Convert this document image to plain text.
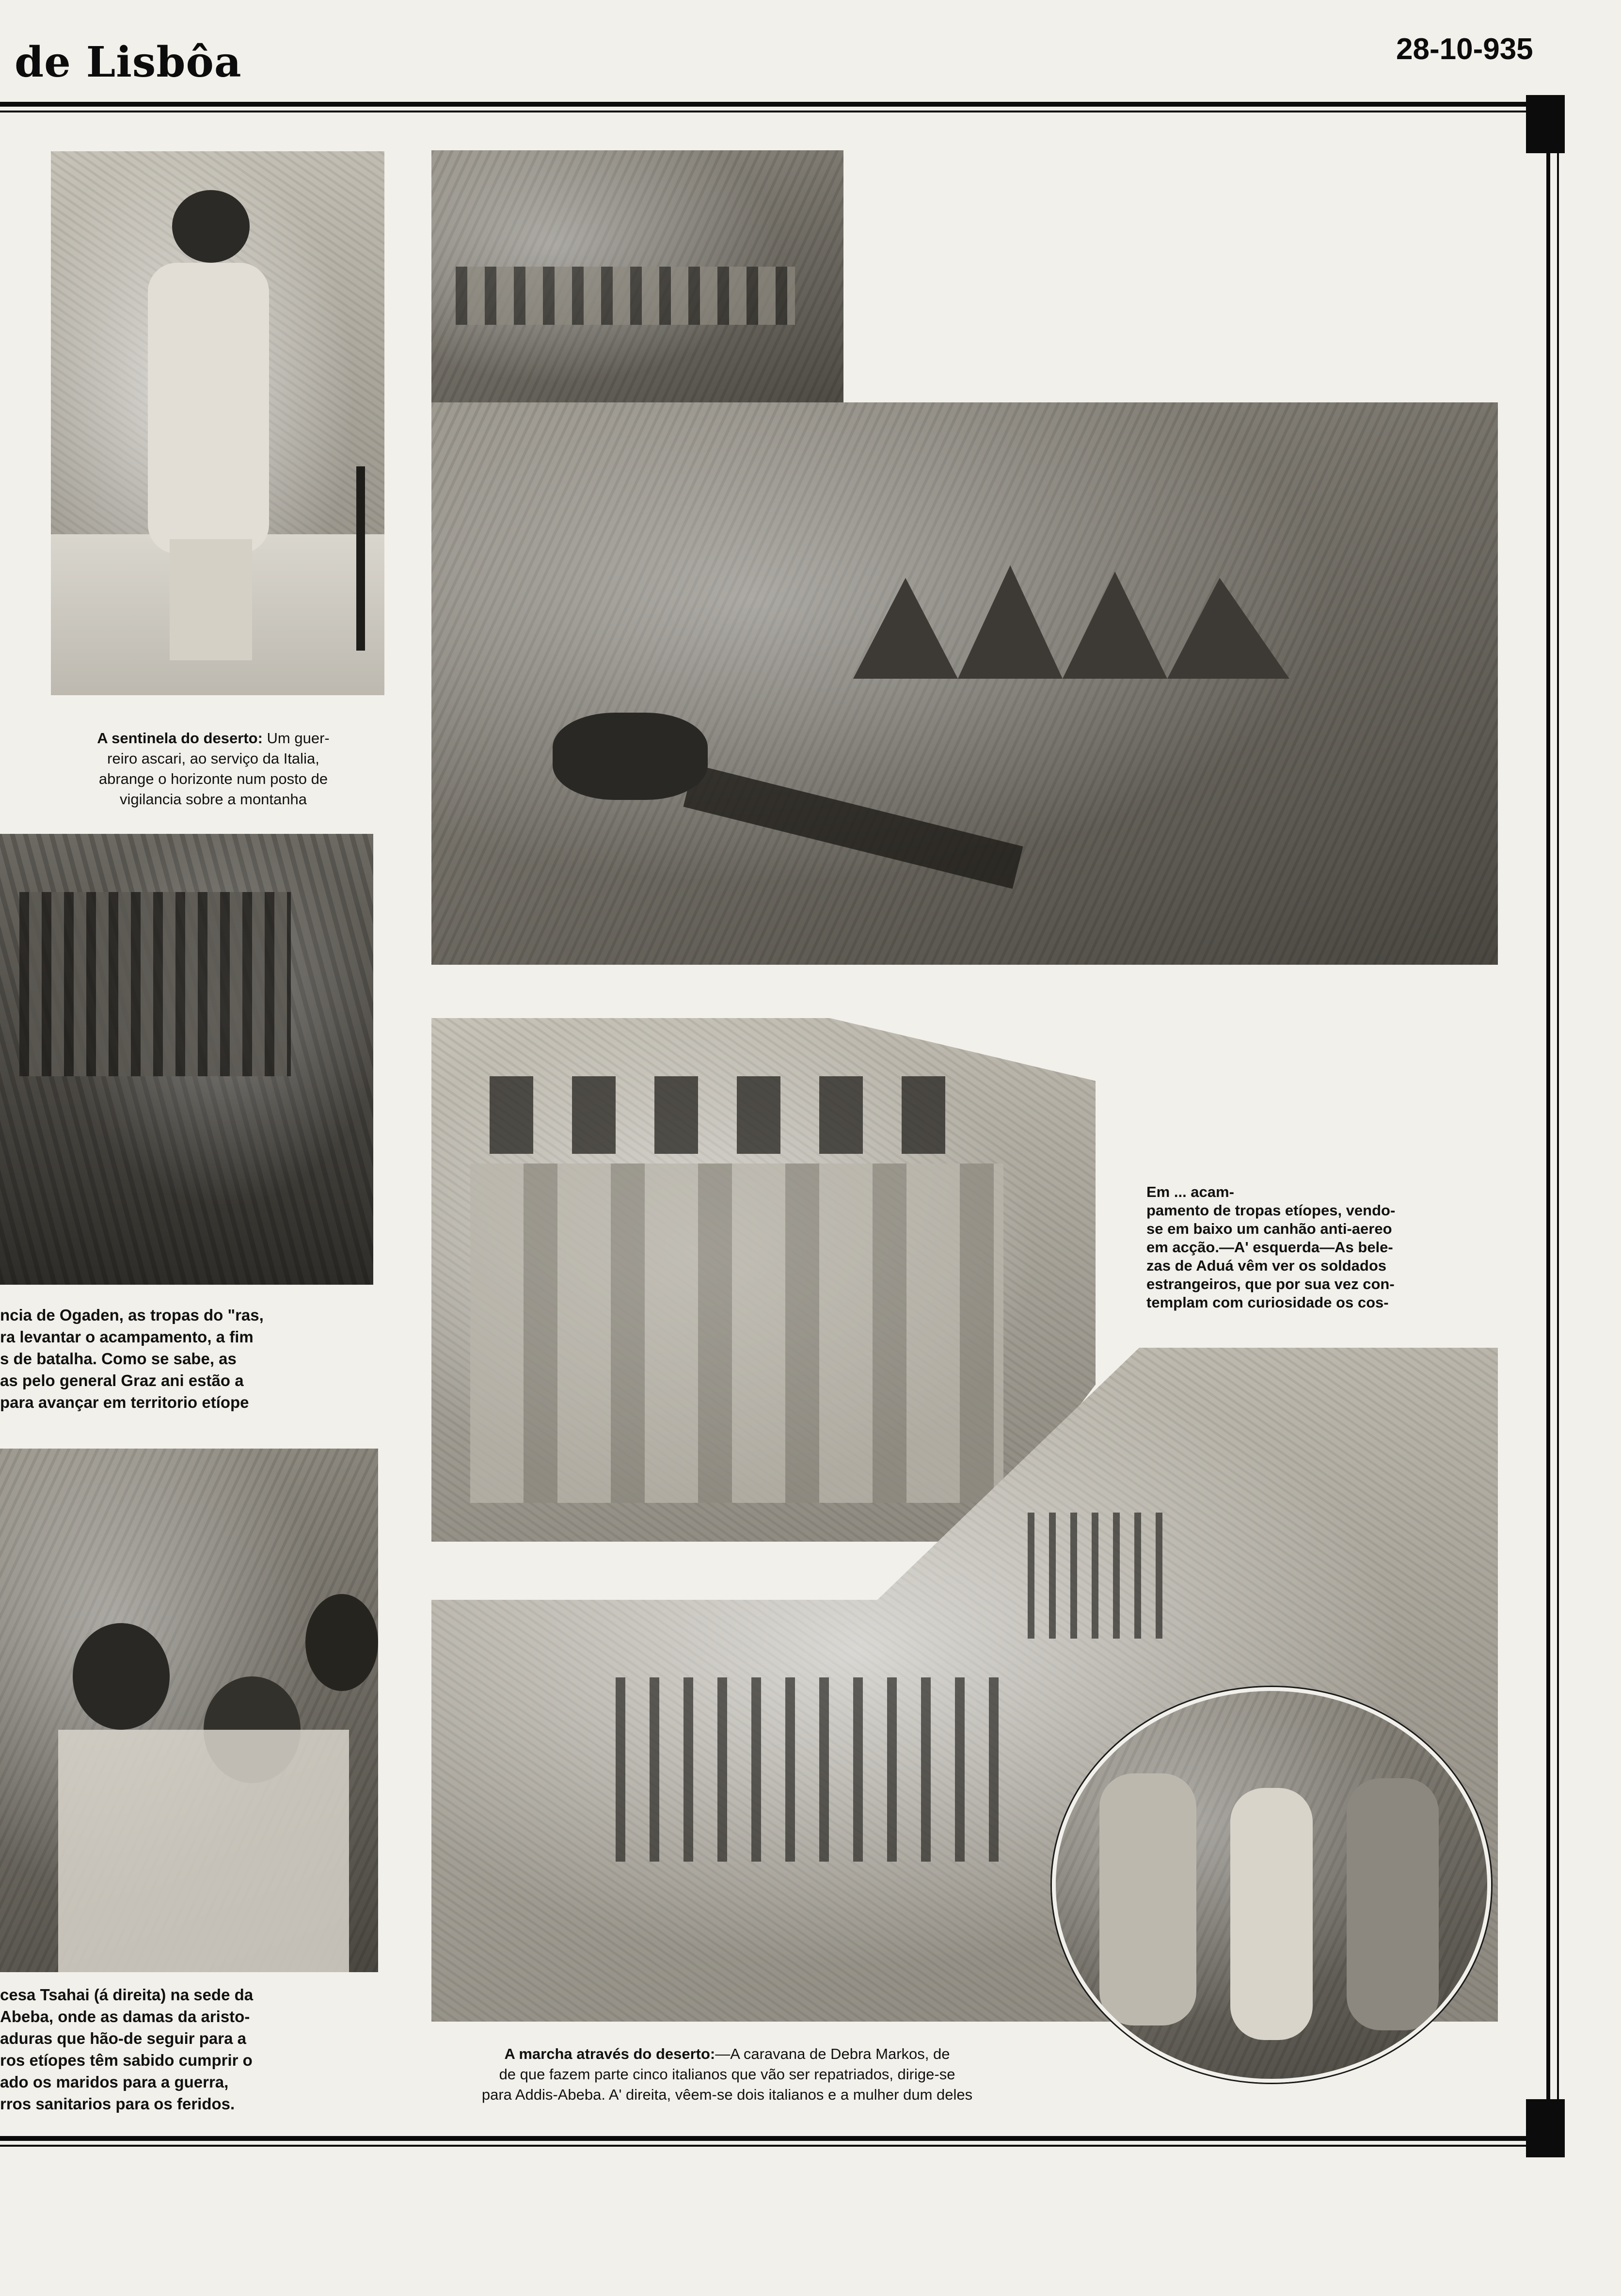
de Lisbôa	28-10-935
A sentinela do deserto: Um guer-
reiro ascari, ao serviço da Italia,
abrange o horizonte num posto de
vigilancia sobre a montanha
ncia de Ogaden, as tropas do "ras,
ra levantar o acampamento, a fim
s de batalha. Como se sabe, as
as pelo general Graz ani estão a
para avançar em territorio etíope
cesa Tsahai (á direita) na sede da
Abeba, onde as damas da aristo-
aduras que hão-de seguir para a
ros etíopes têm sabido cumprir o
ado os maridos para a guerra,
rros sanitarios para os feridos.
Em ... acam-
pamento de tropas etíopes, vendo-
se em baixo um canhão anti-aereo
em acção.—A' esquerda—As bele-
zas de Aduá vêm ver os soldados
estrangeiros, que por sua vez con-
templam com curiosidade os cos-
A marcha através do deserto:—A caravana de Debra Markos, de
de que fazem parte cinco italianos que vão ser repatriados, dirige-se
para Addis-Abeba. A' direita, vêem-se dois italianos e a mulher dum deles
